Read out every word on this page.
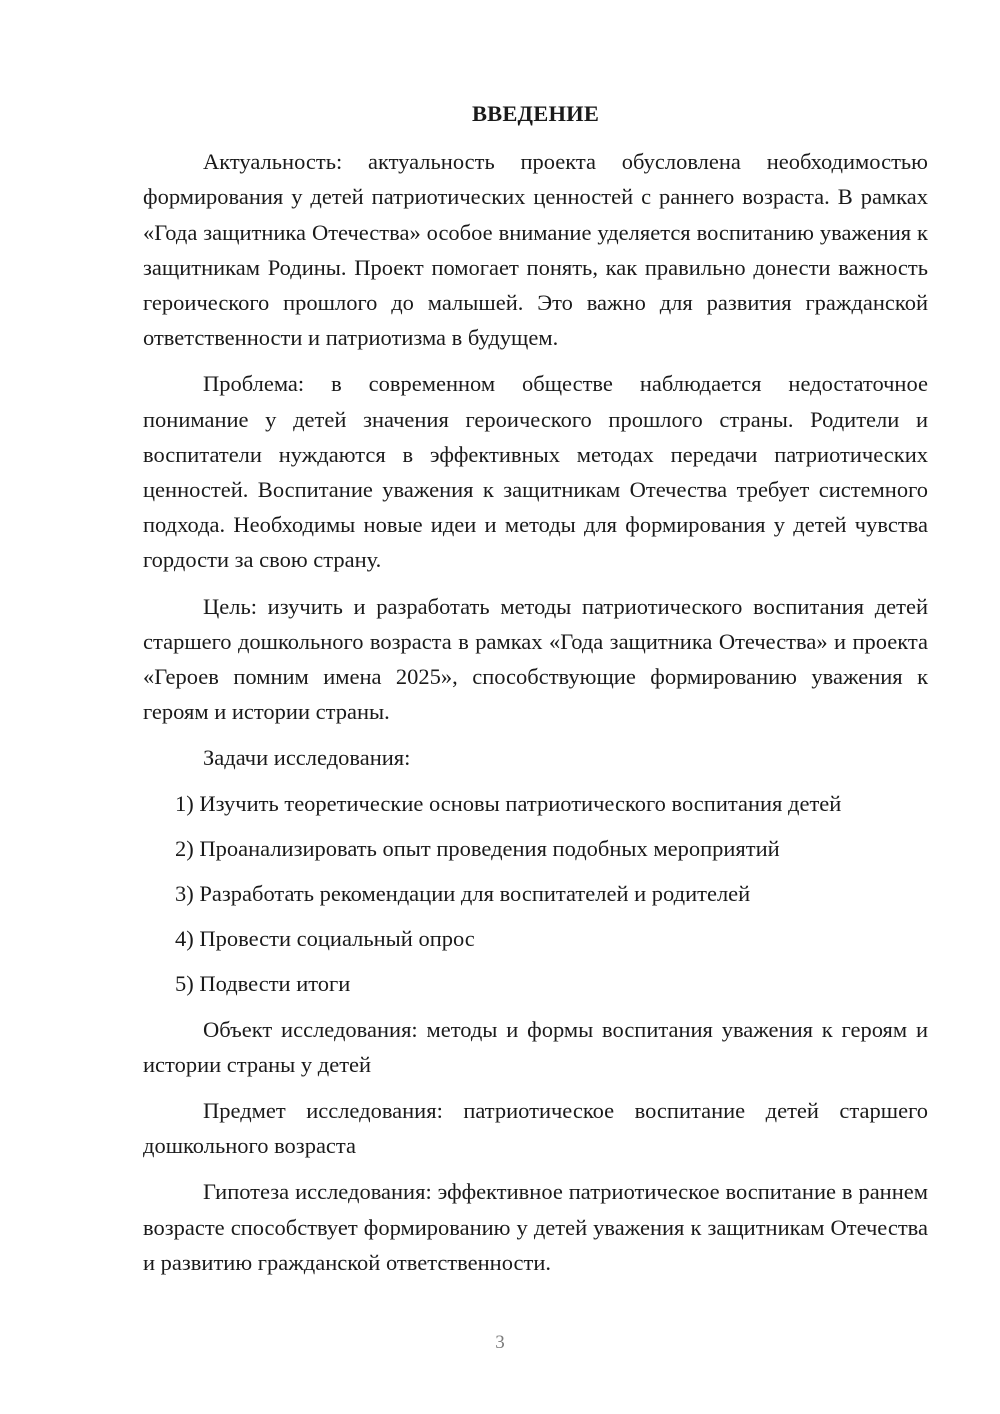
ВВЕДЕНИЕ

Актуальность: актуальность проекта обусловлена необходимостью формирования у детей патриотических ценностей с раннего возраста. В рамках «Года защитника Отечества» особое внимание уделяется воспитанию уважения к защитникам Родины. Проект помогает понять, как правильно донести важность героического прошлого до малышей. Это важно для развития гражданской ответственности и патриотизма в будущем.

Проблема: в современном обществе наблюдается недостаточное понимание у детей значения героического прошлого страны. Родители и воспитатели нуждаются в эффективных методах передачи патриотических ценностей. Воспитание уважения к защитникам Отечества требует системного подхода. Необходимы новые идеи и методы для формирования у детей чувства гордости за свою страну.

Цель: изучить и разработать методы патриотического воспитания детей старшего дошкольного возраста в рамках «Года защитника Отечества» и проекта «Героев помним имена 2025», способствующие формированию уважения к героям и истории страны.

Задачи исследования:

1) Изучить теоретические основы патриотического воспитания детей
2) Проанализировать опыт проведения подобных мероприятий
3) Разработать рекомендации для воспитателей и родителей
4) Провести социальный опрос
5) Подвести итоги

Объект исследования: методы и формы воспитания уважения к героям и истории страны у детей

Предмет исследования: патриотическое воспитание детей старшего дошкольного возраста

Гипотеза исследования: эффективное патриотическое воспитание в раннем возрасте способствует формированию у детей уважения к защитникам Отечества и развитию гражданской ответственности.

3
